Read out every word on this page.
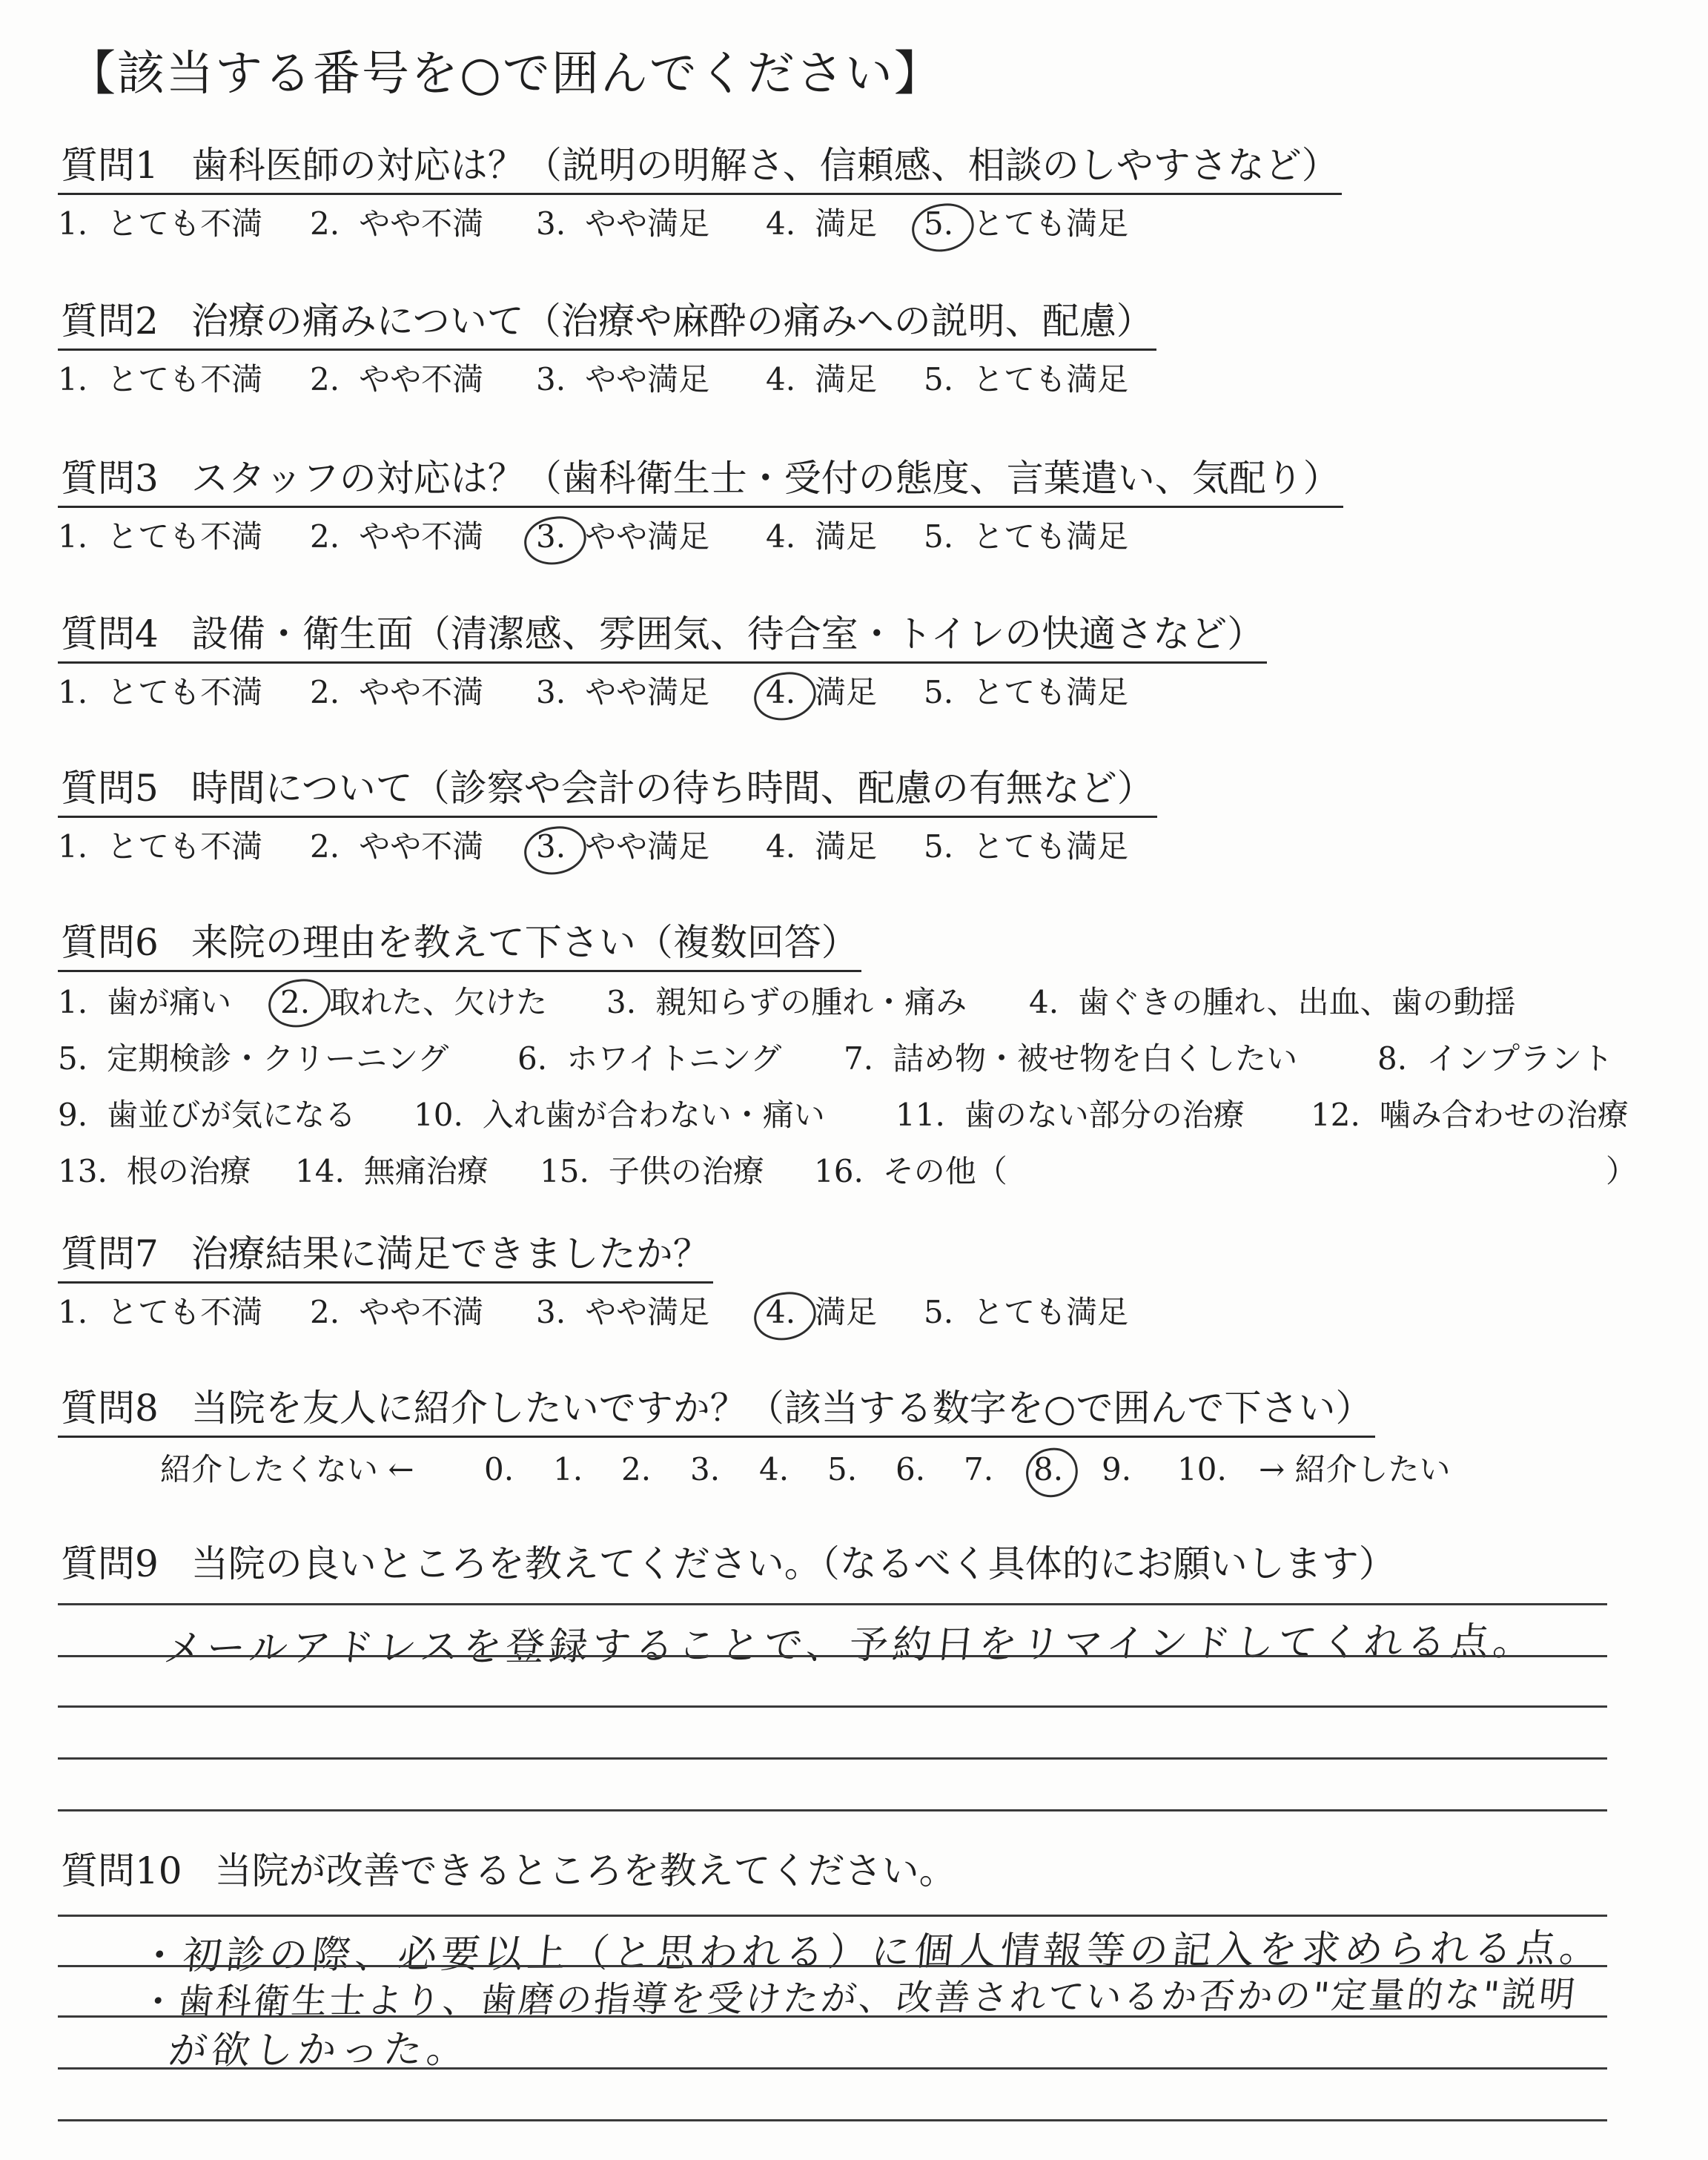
【該当する番号を○で囲んでください】
質問1 歯科医師の対応は？（説明の明解さ、信頼感、相談のしやすさなど）
1. とても不満 2. やや不満 3. やや満足 4. 満足 5. とても満足
質問2 治療の痛みについて（治療や麻酔の痛みへの説明、配慮）
1. とても不満 2. やや不満 3. やや満足 4. 満足 5. とても満足
質問3 スタッフの対応は？（歯科衛生士・受付の態度、言葉遣い、気配り）
1. とても不満 2. やや不満 3. やや満足 4. 満足 5. とても満足
質問4 設備・衛生面（清潔感、雰囲気、待合室・トイレの快適さなど）
1. とても不満 2. やや不満 3. やや満足 4. 満足 5. とても満足
質問5 時間について（診察や会計の待ち時間、配慮の有無など）
1. とても不満 2. やや不満 3. やや満足 4. 満足 5. とても満足
質問6 来院の理由を教えて下さい（複数回答）
1. 歯が痛い 2. 取れた、欠けた 3. 親知らずの腫れ・痛み 4. 歯ぐきの腫れ、出血、歯の動揺
5. 定期検診・クリーニング 6. ホワイトニング 7. 詰め物・被せ物を白くしたい	8. インプラント
9. 歯並びが気になる 10. 入れ歯が合わない・痛い 11. 歯のない部分の治療 12. 噛み合わせの治療
13. 根の治療 14. 無痛治療 15. 子供の治療 16. その他（	）
質問7 治療結果に満足できましたか？
1. とても不満 2. やや不満 3. やや満足 4. 満足 5. とても満足
質問8 当院を友人に紹介したいですか？（該当する数字を○で囲んで下さい）
紹介したくない ← 0. 1. 2. 3. 4. 5. 6. 7. 8. 9. 10. → 紹介したい
質問9 当院の良いところを教えてください。（なるべく具体的にお願いします）
メールアドレスを登録することで、予約日をリマインドしてくれる点。
質問10 当院が改善できるところを教えてください。
・初診の際、必要以上（と思われる）に個人情報等の記入を求められる点。
・歯科衛生士より、歯磨の指導を受けたが、改善されているか否かの"定量的な"説明
が欲しかった。
